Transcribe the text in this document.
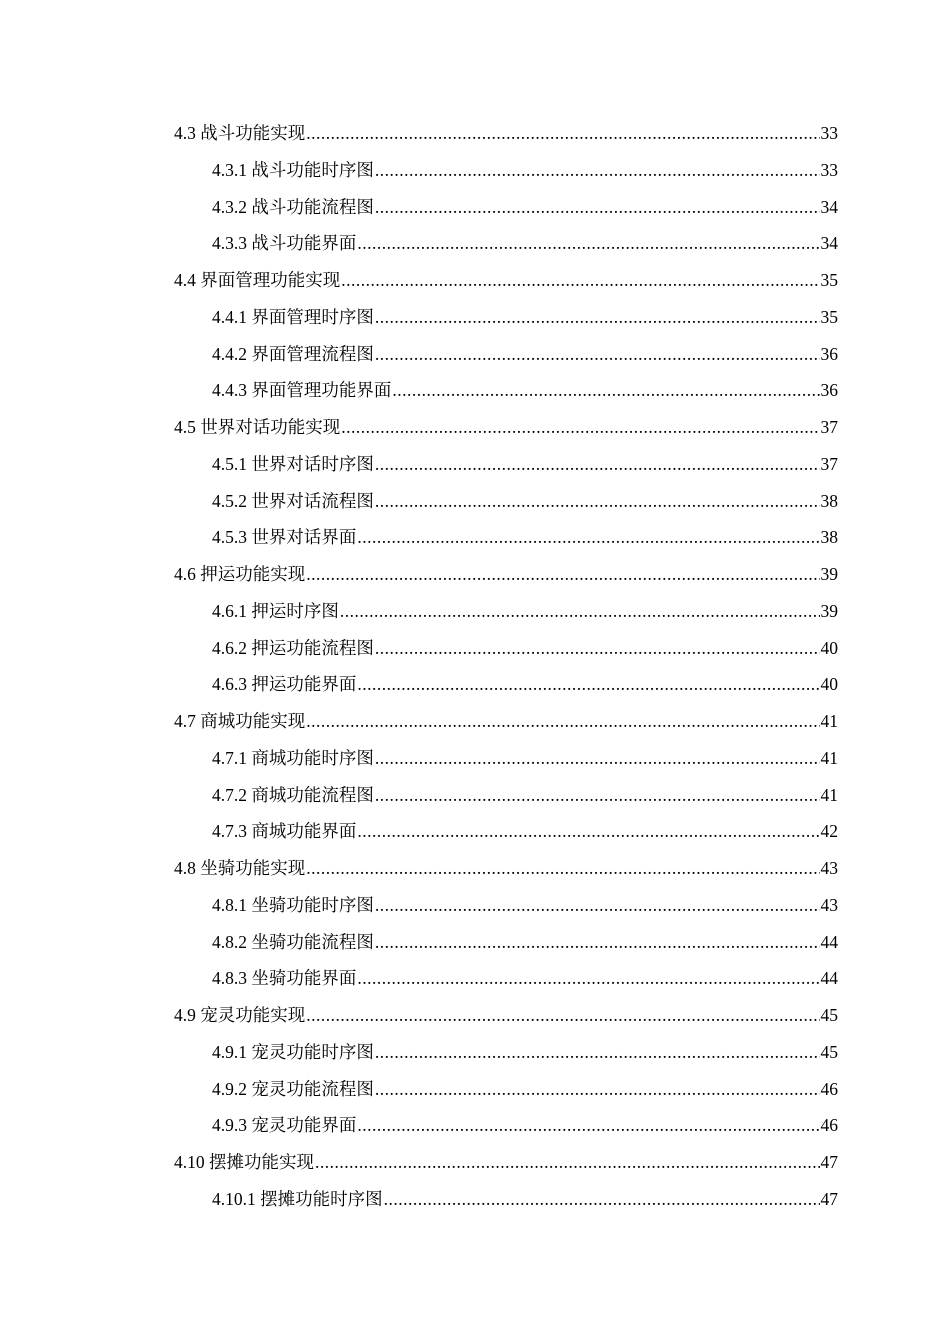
4.3 战斗功能实现 .....	33
4.3.1 战斗功能时序图 .....	33
4.3.2 战斗功能流程图 .....	34
4.3.3 战斗功能界面 .....	34
4.4 界面管理功能实现 .....	35
4.4.1 界面管理时序图 .....	35
4.4.2 界面管理流程图 .....	36
4.4.3 界面管理功能界面 .....	36
4.5 世界对话功能实现 .....	37
4.5.1 世界对话时序图 .....	37
4.5.2 世界对话流程图 .....	38
4.5.3 世界对话界面 .....	38
4.6 押运功能实现 .....	39
4.6.1 押运时序图 .....	39
4.6.2 押运功能流程图 .....	40
4.6.3 押运功能界面 .....	40
4.7 商城功能实现 .....	41
4.7.1 商城功能时序图 .....	41
4.7.2 商城功能流程图 .....	41
4.7.3 商城功能界面 .....	42
4.8 坐骑功能实现 .....	43
4.8.1 坐骑功能时序图 .....	43
4.8.2 坐骑功能流程图 .....	44
4.8.3 坐骑功能界面 .....	44
4.9 宠灵功能实现 .....	45
4.9.1 宠灵功能时序图 .....	45
4.9.2 宠灵功能流程图 .....	46
4.9.3 宠灵功能界面 .....	46
4.10 摆摊功能实现 .....	47
4.10.1 摆摊功能时序图 .....	47
